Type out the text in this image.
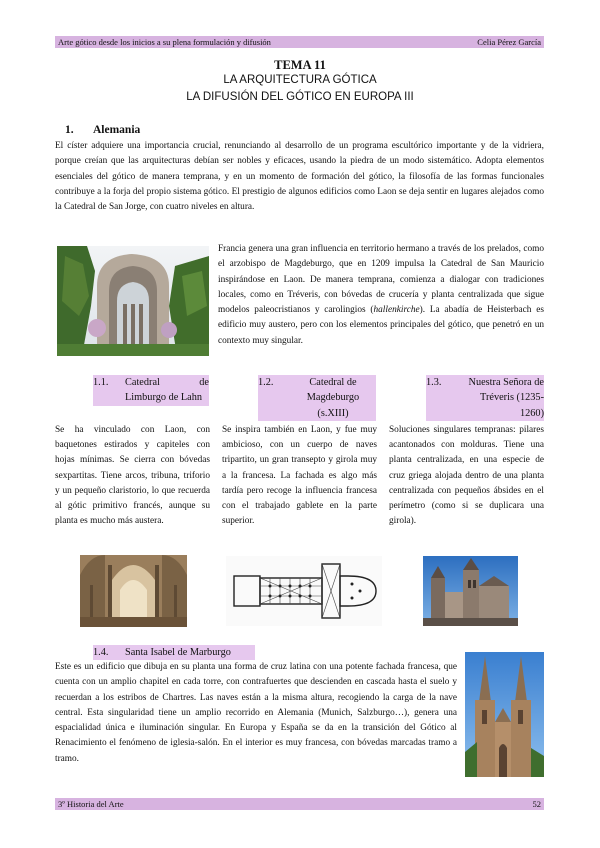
Arte gótico desde los inicios a su plena formulación y difusión	Celia Pérez García
TEMA 11
LA ARQUITECTURA GÓTICA
LA DIFUSIÓN DEL GÓTICO EN EUROPA III
1. Alemania

El císter adquiere una importancia crucial, renunciando al desarrollo de un programa escultórico importante y de la vidriera, porque creían que las arquitecturas debían ser nobles y eficaces, usando la piedra de un modo sistemático. Adopta elementos esenciales del gótico de manera temprana, y en un momento de formación del gótico, la filosofía de las formas funcionales contribuye a la forja del propio sistema gótico. El prestigio de algunos edificios como Laon se deja sentir en lugares alejados como la Catedral de San Jorge, con cuatro niveles en altura.

Francia genera una gran influencia en territorio hermano a través de los prelados, como el arzobispo de Magdeburgo, que en 1209 impulsa la Catedral de San Mauricio inspirándose en Laon. De manera temprana, comienza a dialogar con tradiciones locales, como en Tréveris, con bóvedas de crucería y planta centralizada que sigue modelos paleocristianos y carolingios (hallenkirche). La abadía de Heisterbach es edificio muy austero, pero con los elementos principales del gótico, que penetró en un contexto muy singular.

1.1.	Catedral de Limburgo de Lahn
1.2.	Catedral de Magdeburgo (s.XIII)
1.3.	Nuestra Señora de Tréveris (1235-1260)

Se ha vinculado con Laon, con baquetones estirados y capiteles con hojas mínimas. Se cierra con bóvedas sexpartitas. Tiene arcos, tribuna, triforio y un pequeño claristorio, lo que recuerda al gótic primitivo francés, aunque su planta es mucho más austera.

Se inspira también en Laon, y fue muy ambicioso, con un cuerpo de naves tripartito, un gran transepto y girola muy a la francesa. La fachada es algo más tardía pero recoge la influencia francesa con el trabajado gablete en la parte superior.

Soluciones singulares tempranas: pilares acantonados con molduras. Tiene una planta centralizada, en una especie de cruz griega alojada dentro de una planta centralizada con pequeños ábsides en el perímetro (como si se duplicara una girola).

1.4.	Santa Isabel de Marburgo

Este es un edificio que dibuja en su planta una forma de cruz latina con una potente fachada francesa, que cuenta con un amplio chapitel en cada torre, con contrafuertes que descienden en cascada hasta el suelo y recuerdan a los estribos de Chartres. Las naves están a la misma altura, recogiendo la carga de la nave central. Esta singularidad tiene un amplio recorrido en Alemania (Munich, Salzburgo…), genera una espacialidad única e iluminación singular. En Europa y España se da en la transición del Gótico al Renacimiento el fenómeno de iglesia-salón. En el interior es muy francesa, con bóvedas marcadas tramo a tramo.

3º Historia del Arte	52
